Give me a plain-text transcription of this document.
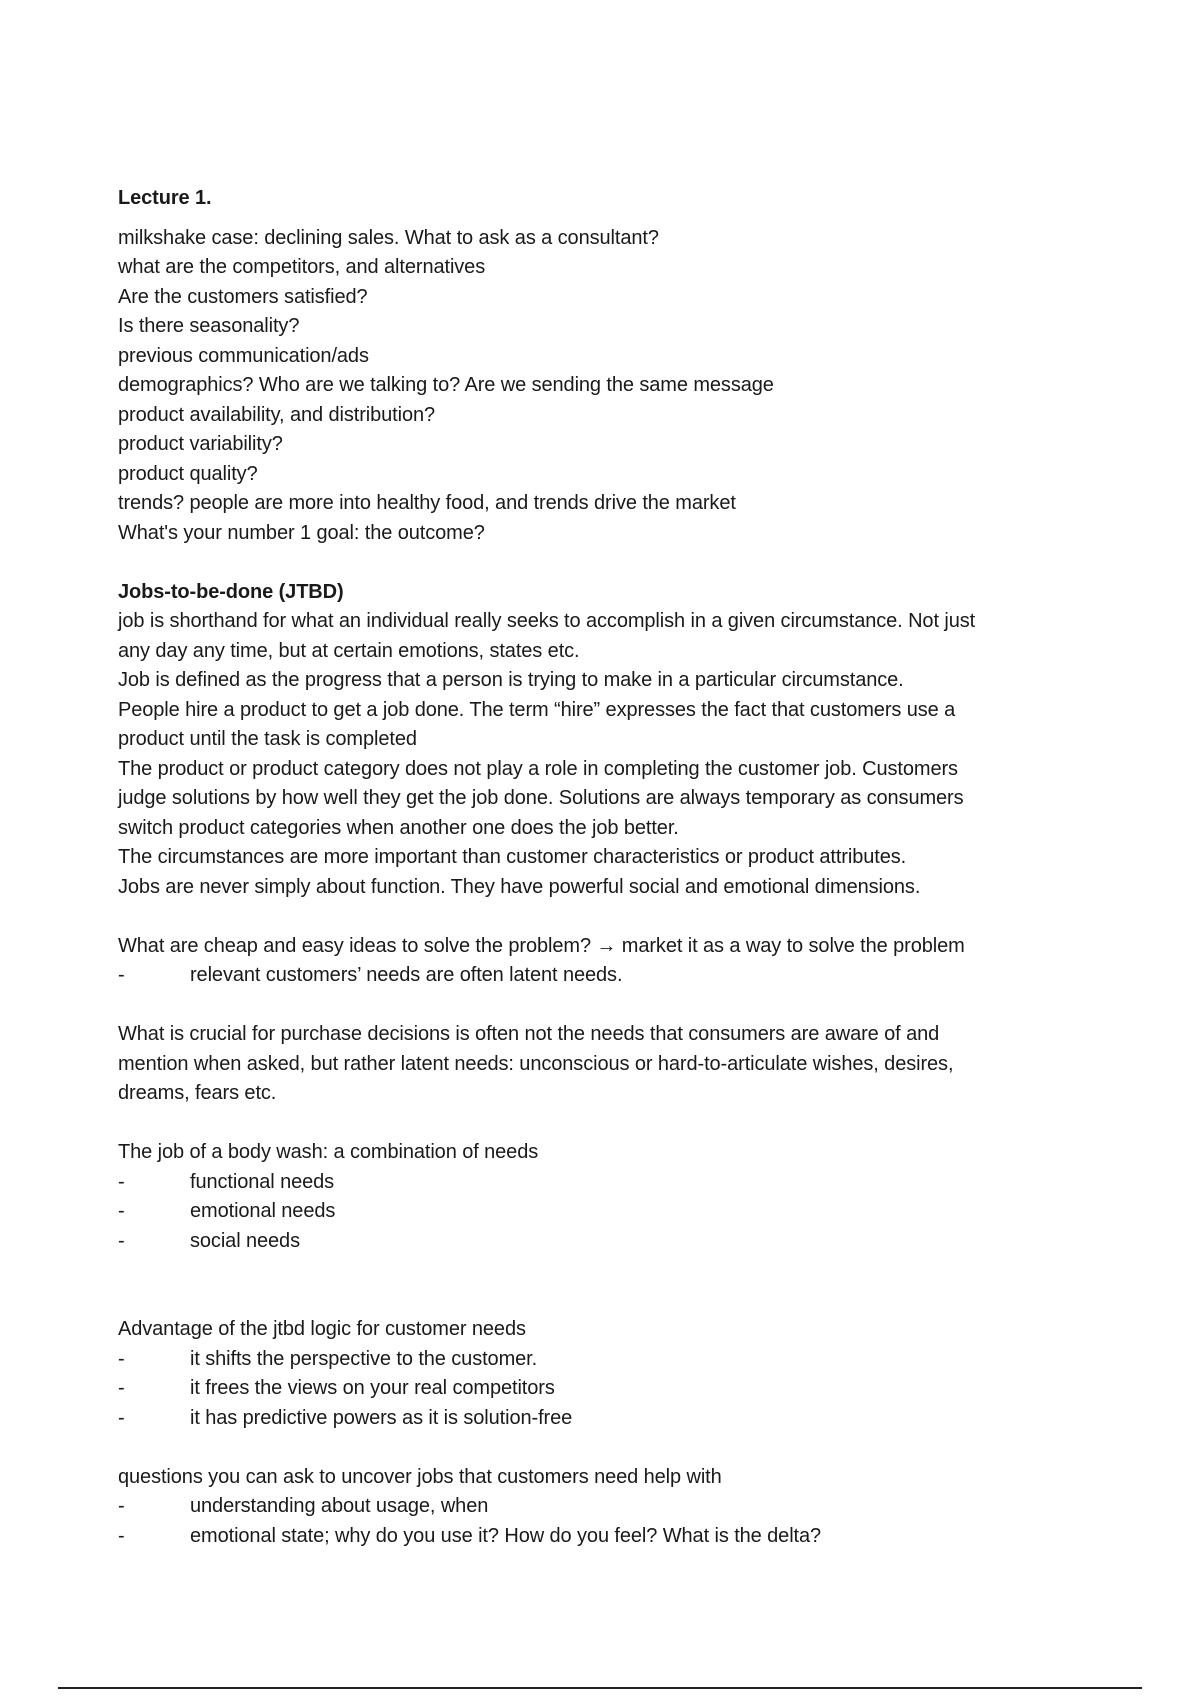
Lecture 1.
milkshake case: declining sales. What to ask as a consultant?
what are the competitors, and alternatives
Are the customers satisfied?
Is there seasonality?
previous communication/ads
demographics? Who are we talking to? Are we sending the same message
product availability, and distribution?
product variability?
product quality?
trends? people are more into healthy food, and trends drive the market
What's your number 1 goal: the outcome?
Jobs-to-be-done (JTBD)
job is shorthand for what an individual really seeks to accomplish in a given circumstance. Not just
any day any time, but at certain emotions, states etc.
Job is defined as the progress that a person is trying to make in a particular circumstance.
People hire a product to get a job done. The term “hire” expresses the fact that customers use a
product until the task is completed
The product or product category does not play a role in completing the customer job. Customers
judge solutions by how well they get the job done. Solutions are always temporary as consumers
switch product categories when another one does the job better.
The circumstances are more important than customer characteristics or product attributes.
Jobs are never simply about function. They have powerful social and emotional dimensions.
What are cheap and easy ideas to solve the problem? → market it as a way to solve the problem
-	relevant customers’ needs are often latent needs.
What is crucial for purchase decisions is often not the needs that consumers are aware of and
mention when asked, but rather latent needs: unconscious or hard-to-articulate wishes, desires,
dreams, fears etc.
The job of a body wash: a combination of needs
-	functional needs
-	emotional needs
-	social needs
Advantage of the jtbd logic for customer needs
-	it shifts the perspective to the customer.
-	it frees the views on your real competitors
-	it has predictive powers as it is solution-free
questions you can ask to uncover jobs that customers need help with
-	understanding about usage, when
-	emotional state; why do you use it? How do you feel? What is the delta?
